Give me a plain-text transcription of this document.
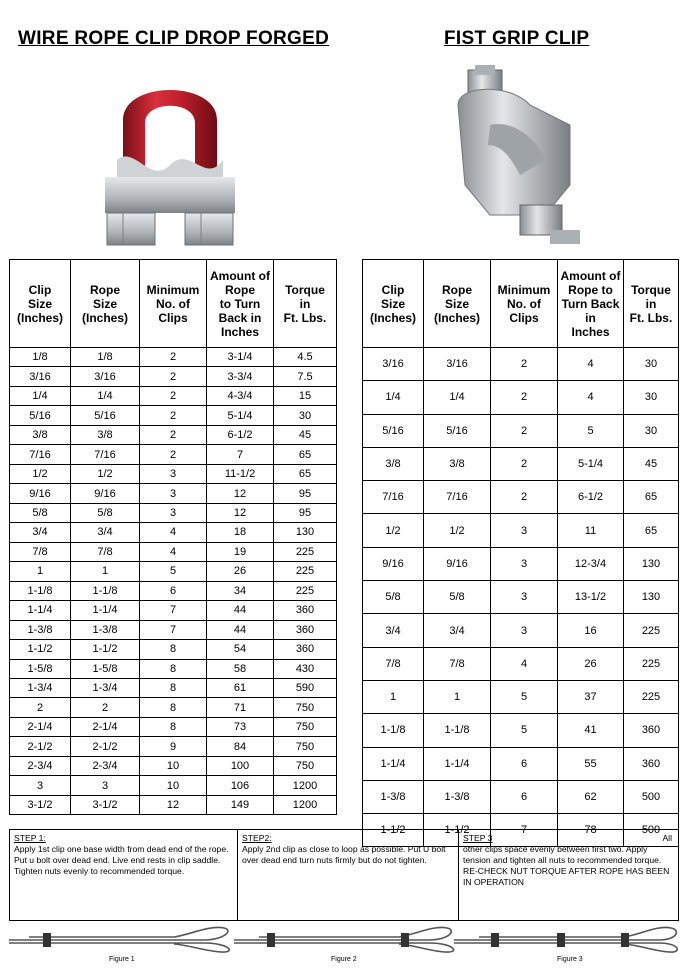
WIRE ROPE CLIP DROP FORGED	FIST GRIP CLIP
Clip
Size
(Inches)	Rope
Size
(Inches)	Minimum
No. of
Clips	Amount of
Rope
to Turn
Back in
Inches	Torque
in
Ft. Lbs.
1/8	1/8	2	3-1/4	4.5
3/16	3/16	2	3-3/4	7.5
1/4	1/4	2	4-3/4	15
5/16	5/16	2	5-1/4	30
3/8	3/8	2	6-1/2	45
7/16	7/16	2	7	65
1/2	1/2	3	11-1/2	65
9/16	9/16	3	12	95
5/8	5/8	3	12	95
3/4	3/4	4	18	130
7/8	7/8	4	19	225
1	1	5	26	225
1-1/8	1-1/8	6	34	225
1-1/4	1-1/4	7	44	360
1-3/8	1-3/8	7	44	360
1-1/2	1-1/2	8	54	360
1-5/8	1-5/8	8	58	430
1-3/4	1-3/4	8	61	590
2	2	8	71	750
2-1/4	2-1/4	8	73	750
2-1/2	2-1/2	9	84	750
2-3/4	2-3/4	10	100	750
3	3	10	106	1200
3-1/2	3-1/2	12	149	1200
Clip
Size
(Inches)	Rope
Size
(Inches)	Minimum
No. of
Clips	Amount of
Rope to
Turn Back
in
Inches	Torque
in
Ft. Lbs.
3/16	3/16	2	4	30
1/4	1/4	2	4	30
5/16	5/16	2	5	30
3/8	3/8	2	5-1/4	45
7/16	7/16	2	6-1/2	65
1/2	1/2	3	11	65
9/16	9/16	3	12-3/4	130
5/8	5/8	3	13-1/2	130
3/4	3/4	3	16	225
7/8	7/8	4	26	225
1	1	5	37	225
1-1/8	1-1/8	5	41	360
1-1/4	1-1/4	6	55	360
1-3/8	1-3/8	6	62	500
1-1/2	1-1/2	7	78	500
STEP 1:
Apply 1st clip one base width from dead end of the rope. Put u bolt over dead end. Live end rests in clip saddle. Tighten nuts evenly to recommended torque.
STEP2:
Apply 2nd clip as close to loop as possible. Put U bolt over dead end turn nuts firmly but do not tighten.
STEP 3	All
other clips space evenly between first two. Apply tension and tighten all nuts to recommended torque.
RE-CHECK NUT TORQUE AFTER ROPE HAS BEEN IN OPERATION
Figure 1	Figure 2	Figure 3
